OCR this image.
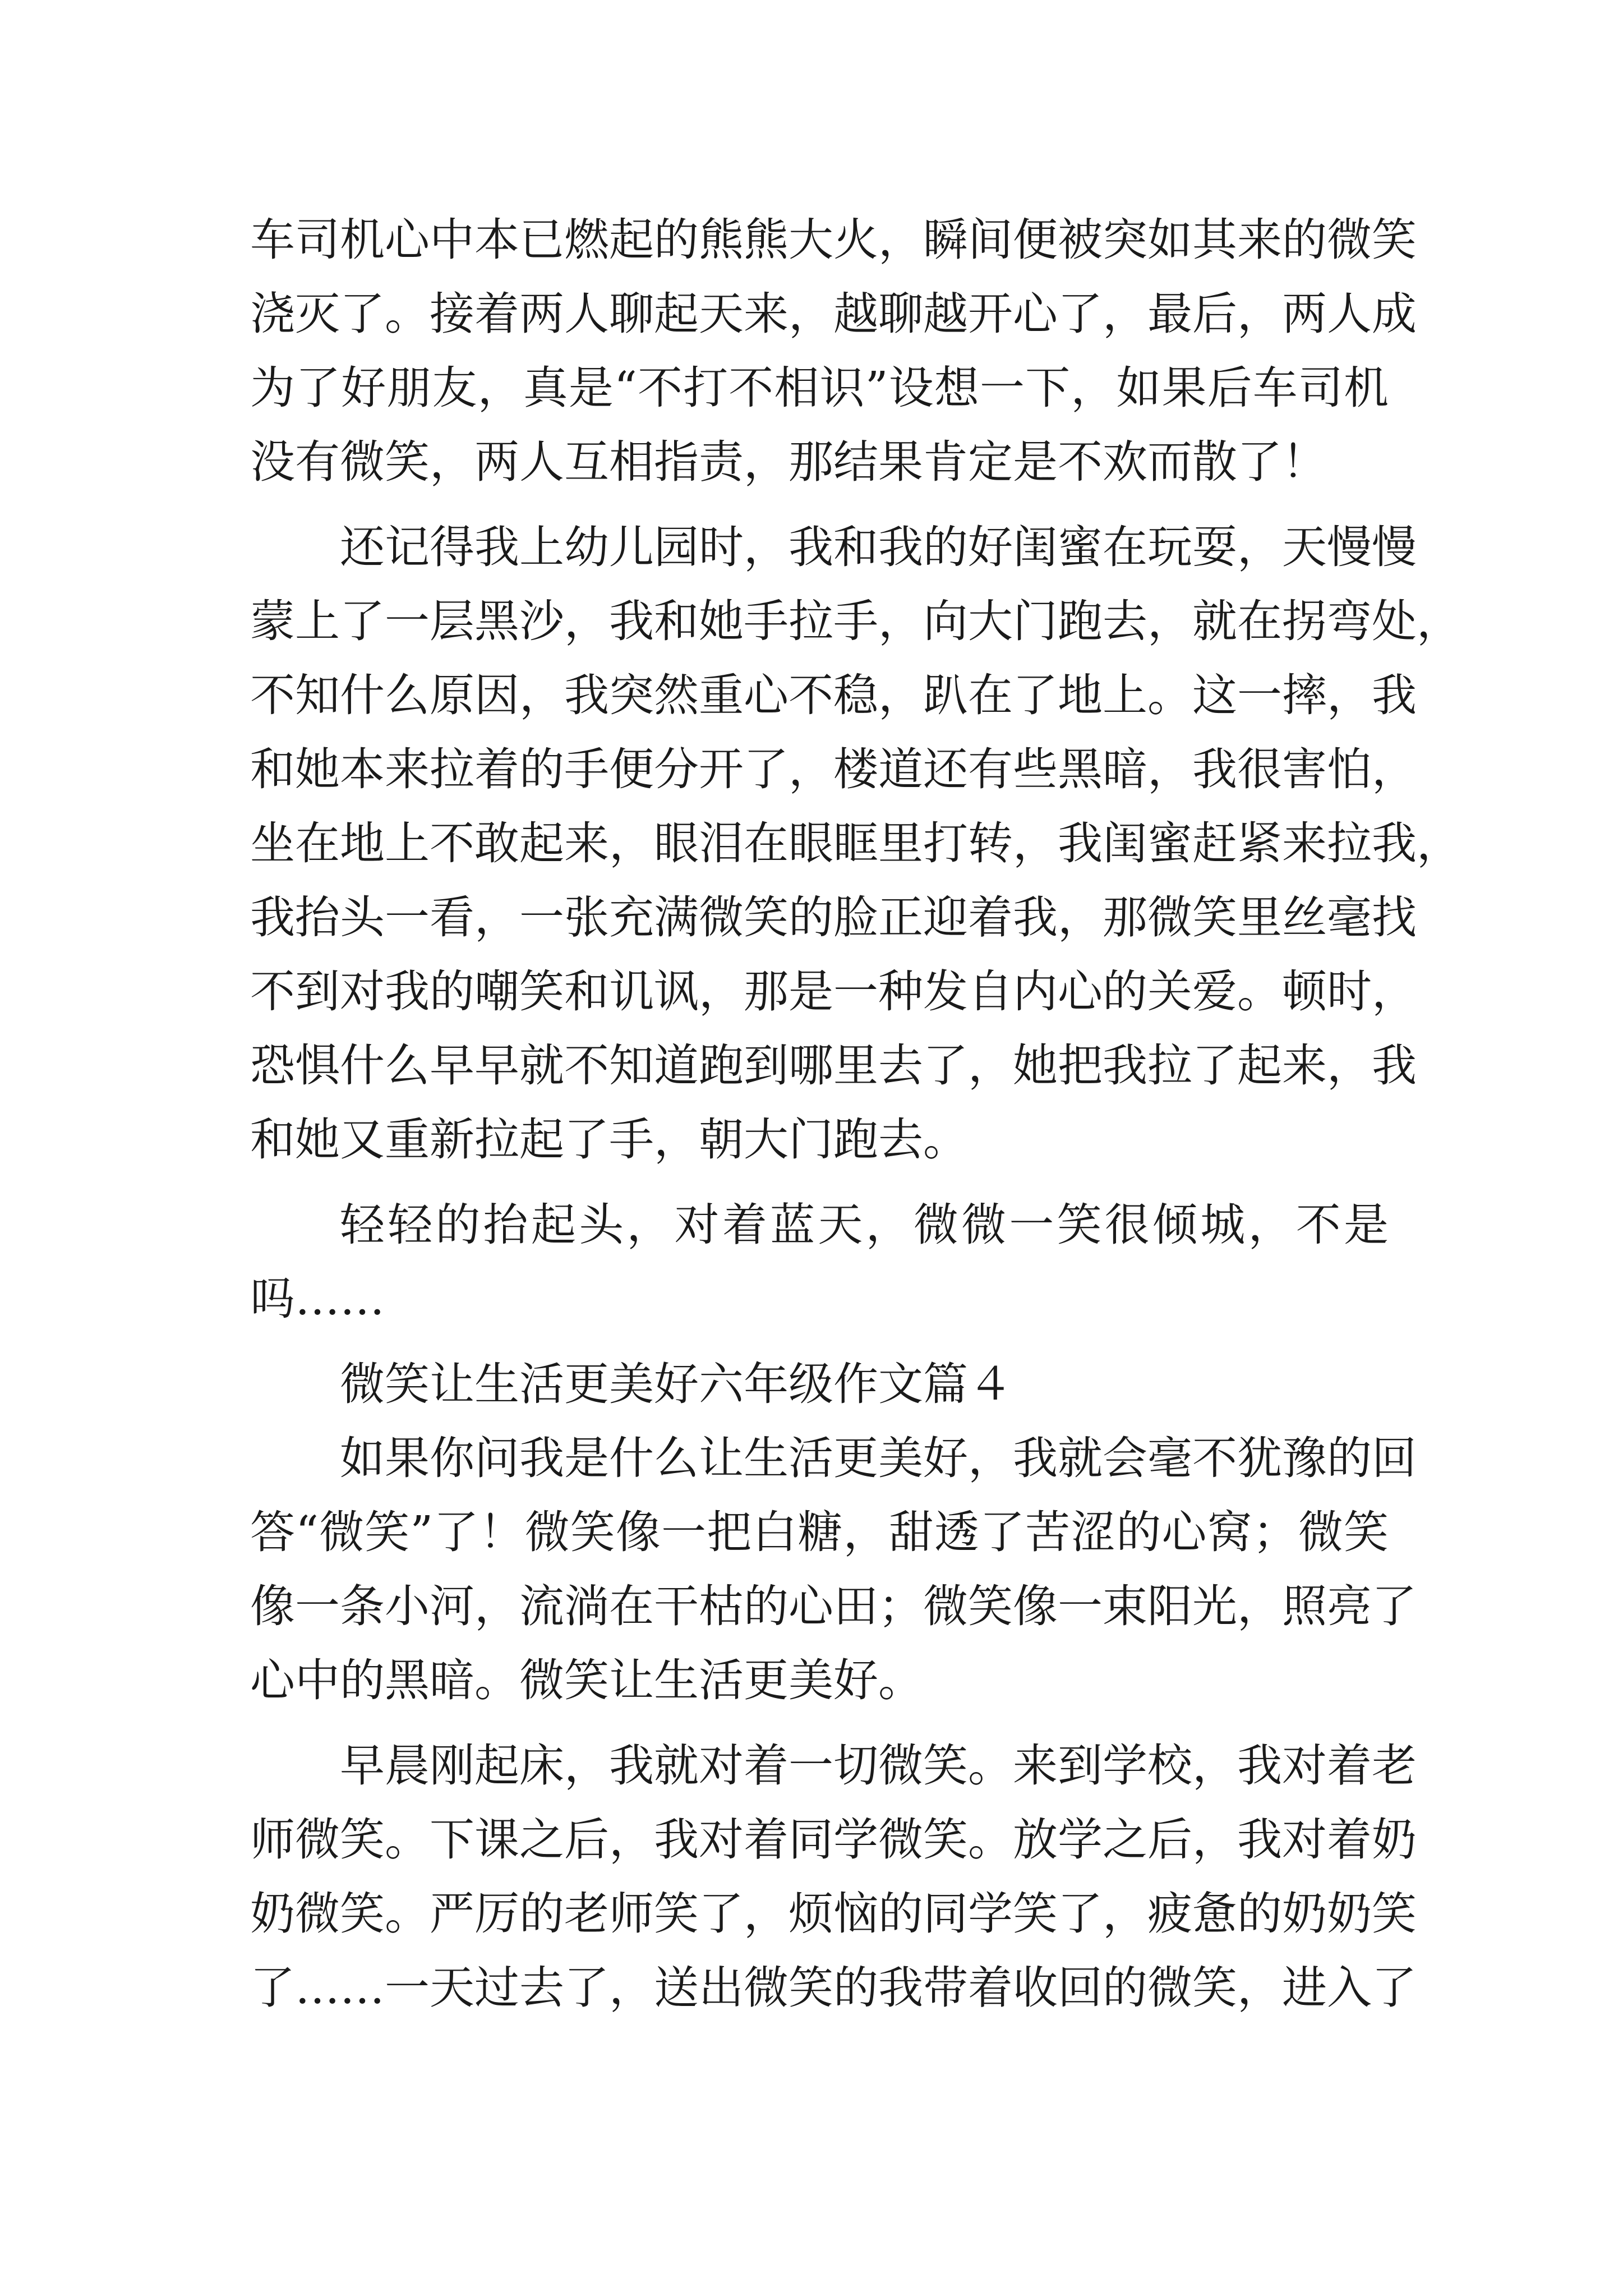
车司机心中本已燃起的熊熊大火，瞬间便被突如其来的微笑
浇灭了。接着两人聊起天来，越聊越开心了，最后，两人成
为了好朋友，真是“不打不相识”设想一下，如果后车司机
没有微笑，两人互相指责，那结果肯定是不欢而散了！
还记得我上幼儿园时，我和我的好闺蜜在玩耍，天慢慢
蒙上了一层黑沙，我和她手拉手，向大门跑去，就在拐弯处，
不知什么原因，我突然重心不稳，趴在了地上。这一摔，我
和她本来拉着的手便分开了，楼道还有些黑暗，我很害怕，
坐在地上不敢起来，眼泪在眼眶里打转，我闺蜜赶紧来拉我，
我抬头一看，一张充满微笑的脸正迎着我，那微笑里丝毫找
不到对我的嘲笑和讥讽，那是一种发自内心的关爱。顿时，
恐惧什么早早就不知道跑到哪里去了，她把我拉了起来，我
和她又重新拉起了手，朝大门跑去。
轻轻的抬起头，对着蓝天，微微一笑很倾城，不是
吗……
微笑让生活更美好六年级作文篇４
如果你问我是什么让生活更美好，我就会毫不犹豫的回
答“微笑”了！微笑像一把白糖，甜透了苦涩的心窝；微笑
像一条小河，流淌在干枯的心田；微笑像一束阳光，照亮了
心中的黑暗。微笑让生活更美好。
早晨刚起床，我就对着一切微笑。来到学校，我对着老
师微笑。下课之后，我对着同学微笑。放学之后，我对着奶
奶微笑。严厉的老师笑了，烦恼的同学笑了，疲惫的奶奶笑
了……一天过去了，送出微笑的我带着收回的微笑，进入了
